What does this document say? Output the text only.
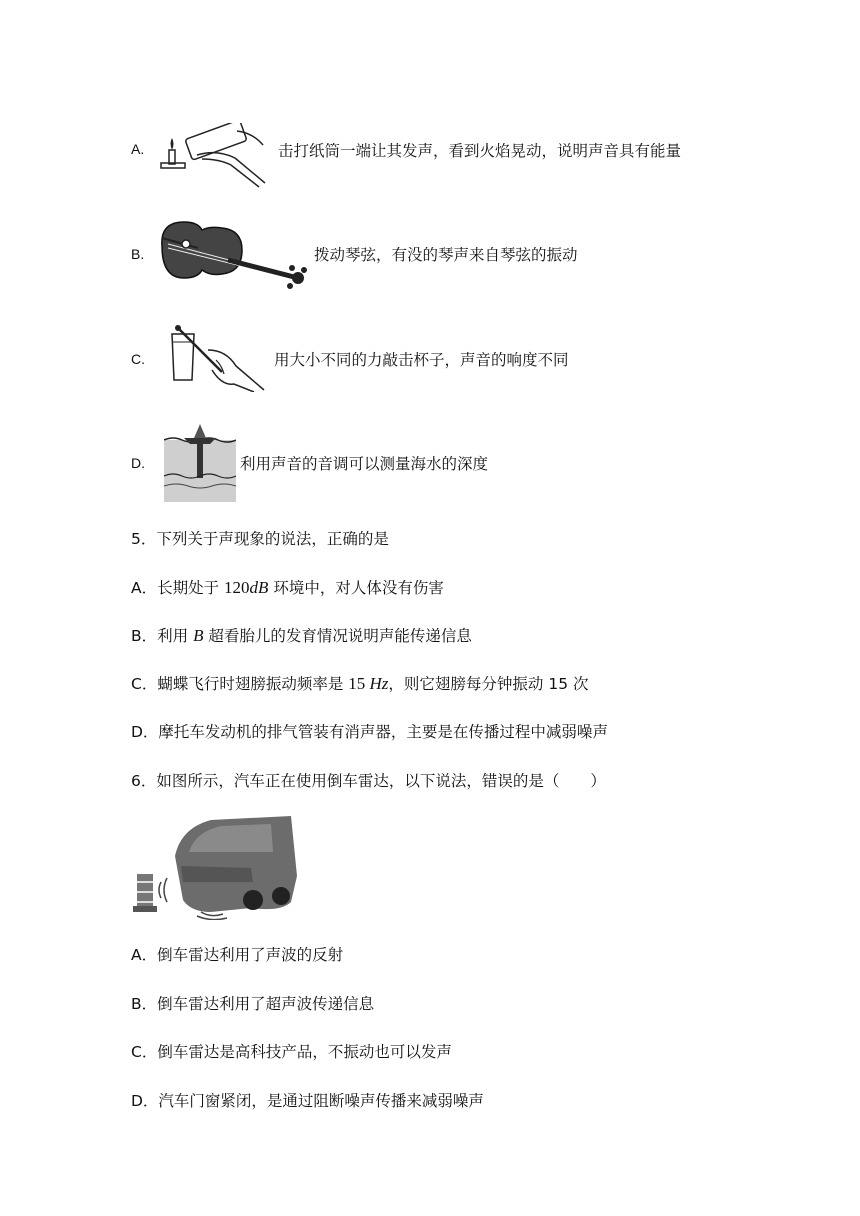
A.	击打纸筒一端让其发声，看到火焰晃动，说明声音具有能量
B.	拨动琴弦，有没的琴声来自琴弦的振动
C.	用大小不同的力敲击杯子，声音的响度不同
D.	利用声音的音调可以测量海水的深度
5．下列关于声现象的说法，正确的是
A．长期处于 120dB 环境中，对人体没有伤害
B．利用 B 超看胎儿的发育情况说明声能传递信息
C．蝴蝶飞行时翅膀振动频率是 15 Hz，则它翅膀每分钟振动 15 次
D．摩托车发动机的排气管装有消声器，主要是在传播过程中减弱噪声
6．如图所示，汽车正在使用倒车雷达，以下说法，错误的是（　　）
A．倒车雷达利用了声波的反射
B．倒车雷达利用了超声波传递信息
C．倒车雷达是高科技产品，不振动也可以发声
D．汽车门窗紧闭，是通过阻断噪声传播来减弱噪声
